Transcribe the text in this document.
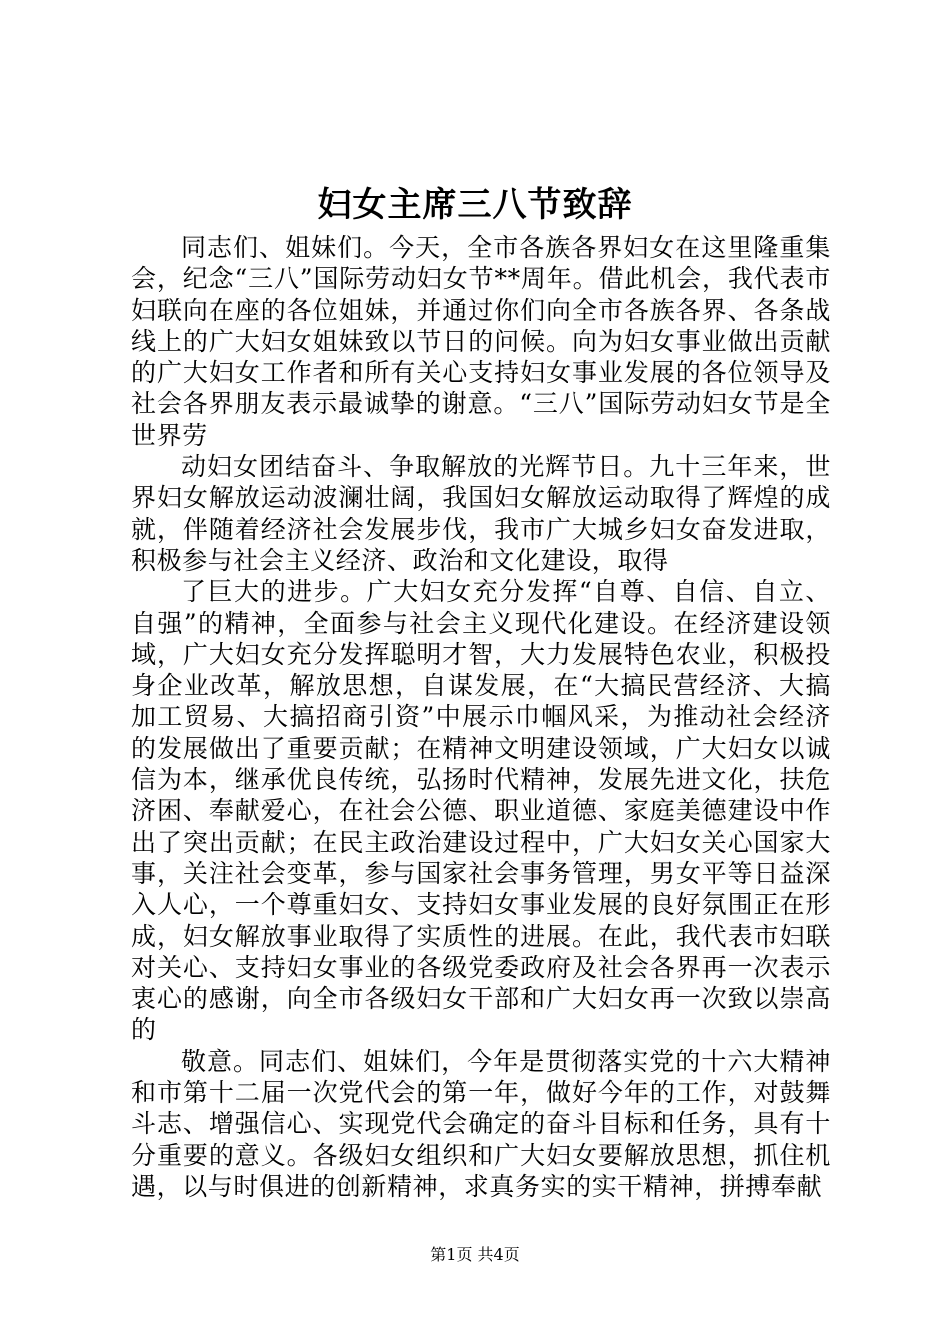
妇女主席三八节致辞

同志们、姐妹们。今天，全市各族各界妇女在这里隆重集会，纪念“三八”国际劳动妇女节**周年。借此机会，我代表市妇联向在座的各位姐妹，并通过你们向全市各族各界、各条战线上的广大妇女姐妹致以节日的问候。向为妇女事业做出贡献的广大妇女工作者和所有关心支持妇女事业发展的各位领导及社会各界朋友表示最诚挚的谢意。“三八”国际劳动妇女节是全世界劳

动妇女团结奋斗、争取解放的光辉节日。九十三年来，世界妇女解放运动波澜壮阔，我国妇女解放运动取得了辉煌的成就，伴随着经济社会发展步伐，我市广大城乡妇女奋发进取，积极参与社会主义经济、政治和文化建设，取得

了巨大的进步。广大妇女充分发挥“自尊、自信、自立、自强”的精神，全面参与社会主义现代化建设。在经济建设领域，广大妇女充分发挥聪明才智，大力发展特色农业，积极投身企业改革，解放思想，自谋发展，在“大搞民营经济、大搞加工贸易、大搞招商引资”中展示巾帼风采，为推动社会经济的发展做出了重要贡献；在精神文明建设领域，广大妇女以诚信为本，继承优良传统，弘扬时代精神，发展先进文化，扶危济困、奉献爱心，在社会公德、职业道德、家庭美德建设中作出了突出贡献；在民主政治建设过程中，广大妇女关心国家大事，关注社会变革，参与国家社会事务管理，男女平等日益深入人心，一个尊重妇女、支持妇女事业发展的良好氛围正在形成，妇女解放事业取得了实质性的进展。在此，我代表市妇联对关心、支持妇女事业的各级党委政府及社会各界再一次表示衷心的感谢，向全市各级妇女干部和广大妇女再一次致以崇高的

敬意。同志们、姐妹们，今年是贯彻落实党的十六大精神和市第十二届一次党代会的第一年，做好今年的工作，对鼓舞斗志、增强信心、实现党代会确定的奋斗目标和任务，具有十分重要的意义。各级妇女组织和广大妇女要解放思想，抓住机遇，以与时俱进的创新精神，求真务实的实干精神，拼搏奉献

第1页 共4页
